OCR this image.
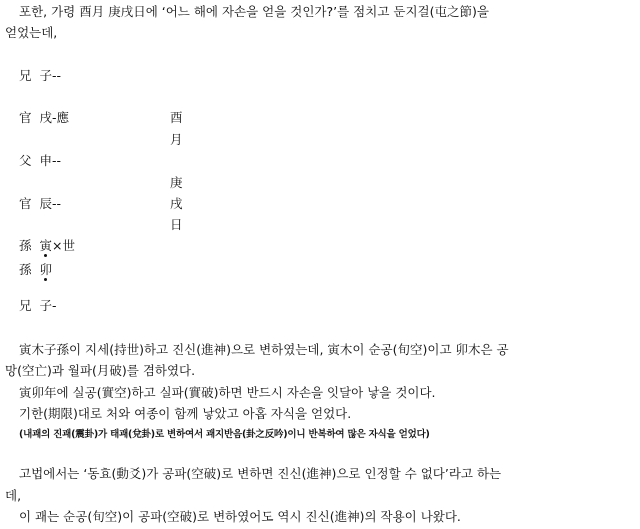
포한, 가령 酉月 庚戌日에 ‘어느 해에 자손을 얻을 것인가?’를 점치고 둔지걸(屯之節)을
얻었는데,
兄 子--
官 戌-應
父 申--
官 辰--
孫 寅×世
孫 卯
兄 子-
酉
月
庚
戌
日
寅木子孫이 지세(持世)하고 진신(進神)으로 변하였는데, 寅木이 순공(旬空)이고 卯木은 공
망(空亡)과 월파(月破)를 겸하였다.
寅卯年에 실공(實空)하고 실파(實破)하면 반드시 자손을 잇달아 낳을 것이다.
기한(期限)대로 처와 여종이 함께 낳았고 아홉 자식을 얻었다.
(내괘의 진괘(震卦)가 태괘(兌卦)로 변하여서 괘지반음(卦之反吟)이니 반복하여 많은 자식을 얻었다)
고법에서는 ‘동효(動爻)가 공파(空破)로 변하면 진신(進神)으로 인정할 수 없다’라고 하는
데,
이 괘는 순공(旬空)이 공파(空破)로 변하였어도 역시 진신(進神)의 작용이 나왔다.
